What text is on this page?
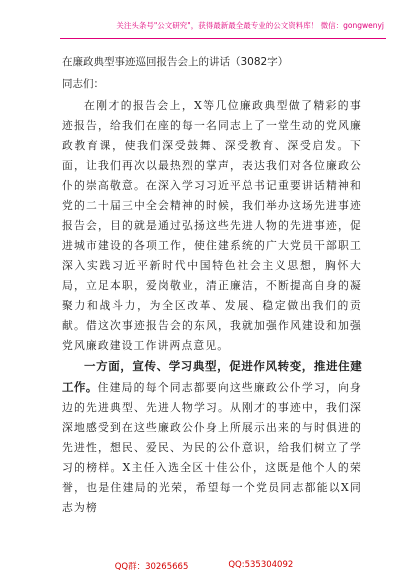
关注头条号"公文研究"，获得最新最全最专业的公文资料库！ 微信：gongwenyj
在廉政典型事迹巡回报告会上的讲话（3082字）
同志们：

在刚才的报告会上，X等几位廉政典型做了精彩的事迹报告，给我们在座的每一名同志上了一堂生动的党风廉政教育课，使我们深受鼓舞、深受教育、深受启发。下面，让我们再次以最热烈的掌声，表达我们对各位廉政公仆的崇高敬意。在深入学习习近平总书记重要讲话精神和党的二十届三中全会精神的时候，我们举办这场先进事迹报告会，目的就是通过弘扬这些先进人物的先进事迹，促进城市建设的各项工作，使住建系统的广大党员干部职工深入实践习近平新时代中国特色社会主义思想，胸怀大局，立足本职，爱岗敬业，清正廉洁，不断提高自身的凝聚力和战斗力，为全区改革、发展、稳定做出我们的贡献。借这次事迹报告会的东风，我就加强作风建设和加强党风廉政建设工作讲两点意见。

一方面，宣传、学习典型，促进作风转变，推进住建工作。住建局的每个同志都要向这些廉政公仆学习，向身边的先进典型、先进人物学习。从刚才的事迹中，我们深深地感受到在这些廉政公仆身上所展示出来的与时俱进的先进性，想民、爱民、为民的公仆意识，给我们树立了学习的榜样。X主任入选全区十佳公仆，这既是他个人的荣誉，也是住建局的光荣，希望每一个党员同志都能以X同志为榜

QQ群：30265665	QQ:535304092
